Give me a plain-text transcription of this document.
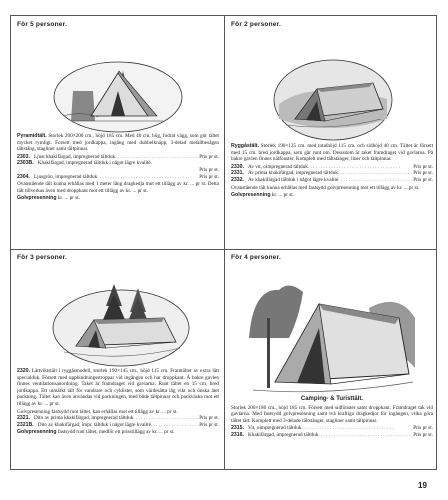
För 5 personer.
Pyramidtält. Storlek 200×200 cm., höjd 185 cm. Med 40 cm. hög, fodrat vägg, som gör tältet mycket rymligt. Forsett med jordkappa, ingång med dubbelknäpp, 3-delad metallbesågen tältstång, stagliner samt tältpinnar.
2303. Ljust khakifärgad, impregnerad tältduk . . .	Pris pr st.
2303B. Khakifärgad, impregnerad tältduk i något lägre kvalité.
Pris pr st.
2304. Ljusgrön, impregnerad tältduk . . .	Pris pr st.
Ovanstående tält kunna erhållas med 1 meter lång dragkedja mot ett tillägg av kr. ... pr st. Detta tält tillverkas även med droppkant mot ett tillägg av kr. ... pr st.
Golvpresenning kr. ... pr st.
För 2 personer.
Ryggåstält. Storlek 190×125 cm. med totalhöjd 115 cm. och sidhöjd 40 cm. Tältet är försett med 15 cm. bred jordkappa, som går runt om. Dessutom är taket framdraget vid gavlarna. På bakre gavlen finnes nätfönster. Komplett med tältstänger, liner och tältpinnar.
2330. Av vit, oimpregnerad tältduk . . .	Pris pr st.
2331. Av prima khakifärgad, impregnerad tältduk . . .	Pris pr st.
2332. Av khakifärgad tältduk i något lägre kvalité . . .	Pris pr st.
Ovanstående tält kunna erhållas med fastsydd golvpresenning mot ett tillägg av kr. ... pr st.
Golvpresenning kr. ... pr st.
För 3 personer.
2320. Lättviktstält i ryggåsmodell, storlek 190×145 cm., höjd 115 cm. Framtältet av extra lätt specialduk. Försett med uppbindningsstroppar vid ingången och har droppkant. Å bakre gavlen finnes ventilationsanordning. Taket är framdraget vid gavlarna. Runt tältet en 15 cm. bred jordkappa. Ett utmärkt tält för vandrare och cyklister, som värdesätta låg vikt och önska ätet packning. Tältet kan även användas vid packningen, med både tältpinnar och packväska mot ett tillägg av kr. ... pr st.
Golvpresenning fastsydd runt tältet, kan erhållas mot ett tillägg av kr. ... pr st.
2321. Dito av prima khakifärgad, impregnerad tältduk . . .	Pris pr st.
2321B. Dito av khakifärgad, impr. tältduk i något lägre kvalité . . .	Pris pr st.
Golvpresenning fastsydd runt tältet, medför ett prisstillägg av kr. ... pr st.
För 4 personer.
Camping- & Turisttält.
Storlek 200×180 cm., höjd 185 cm. Försett med sidfönster samt droppkant. Framdraget tak vid gavlarna. Med fastsydd golvpresenning samt två kraftiga dragkedjor för ingången, vilka göra tältet tätt. Komplett med 3-delade tältstänger, stagliner samt tältpinnar.
2315. Vit, oimpregnerad tältduk . . .	Pris pr st.
2316. Khakifärgad, impregnerad tältduk . . .	Pris pr st.
19
